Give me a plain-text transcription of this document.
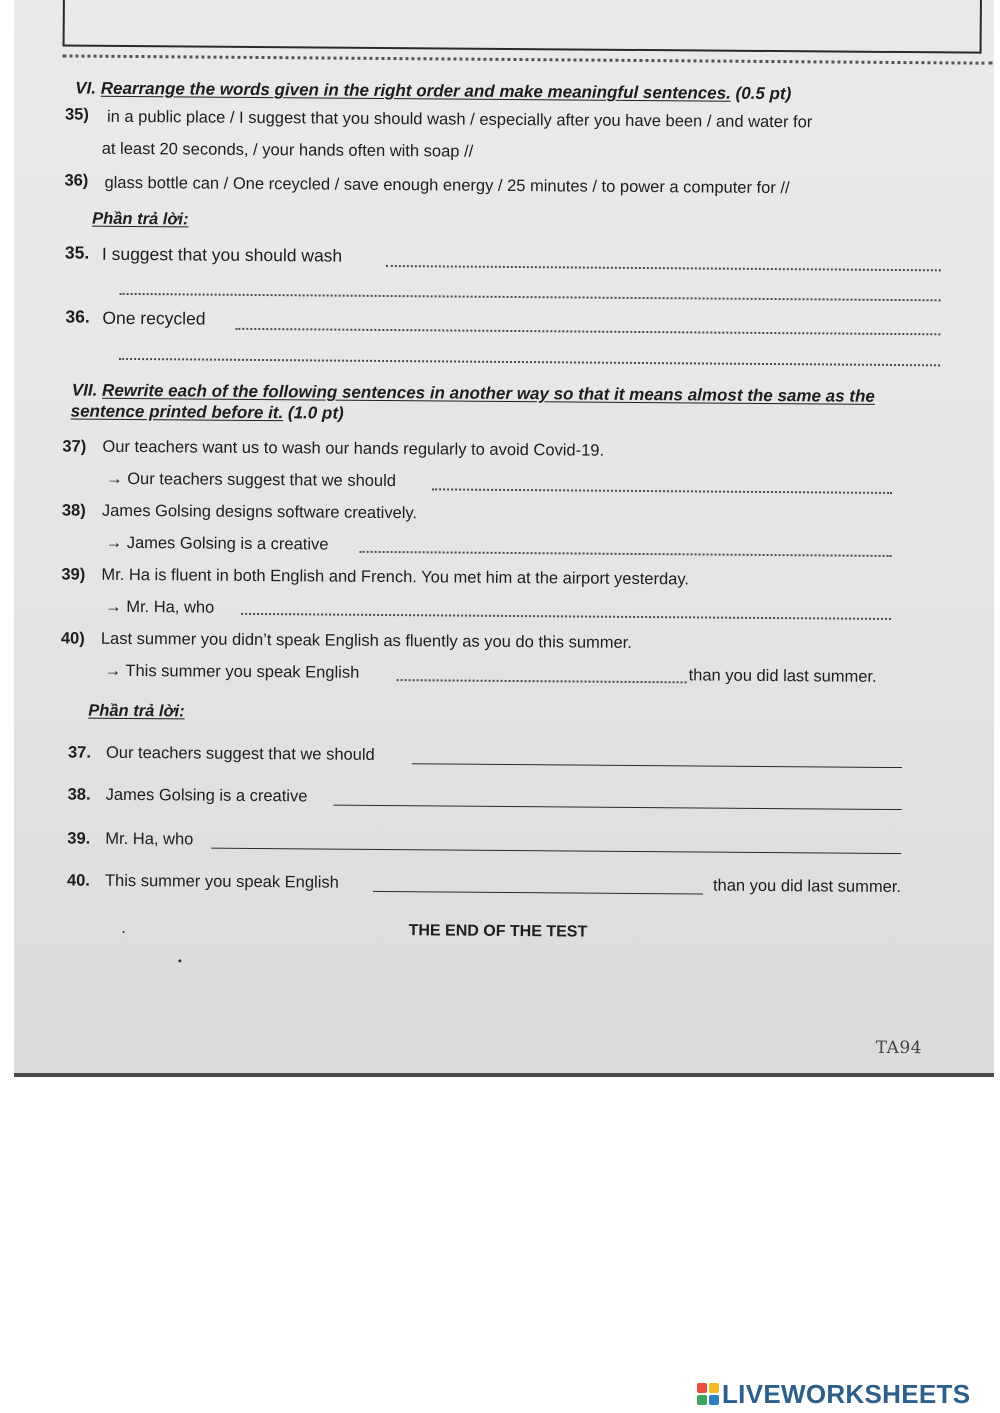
VI. Rearrange the words given in the right order and make meaningful sentences. (0.5 pt)
35) in a public place / I suggest that you should wash / especially after you have been / and water for
at least 20 seconds, / your hands often with soap //
36) glass bottle can / One rceycled / save enough energy / 25 minutes / to power a computer for //
Phần trả lời:
35. I suggest that you should wash
36. One recycled
VII. Rewrite each of the following sentences in another way so that it means almost the same as the
sentence printed before it. (1.0 pt)
37) Our teachers want us to wash our hands regularly to avoid Covid-19.
→ Our teachers suggest that we should
38) James Golsing designs software creatively.
→ James Golsing is a creative
39) Mr. Ha is fluent in both English and French. You met him at the airport yesterday.
→ Mr. Ha, who
40) Last summer you didn’t speak English as fluently as you do this summer.
→ This summer you speak English	than you did last summer.
Phần trả lời:
37. Our teachers suggest that we should
38. James Golsing is a creative
39. Mr. Ha, who
40. This summer you speak English	than you did last summer.
THE END OF THE TEST
TA94
LIVEWORKSHEETS
